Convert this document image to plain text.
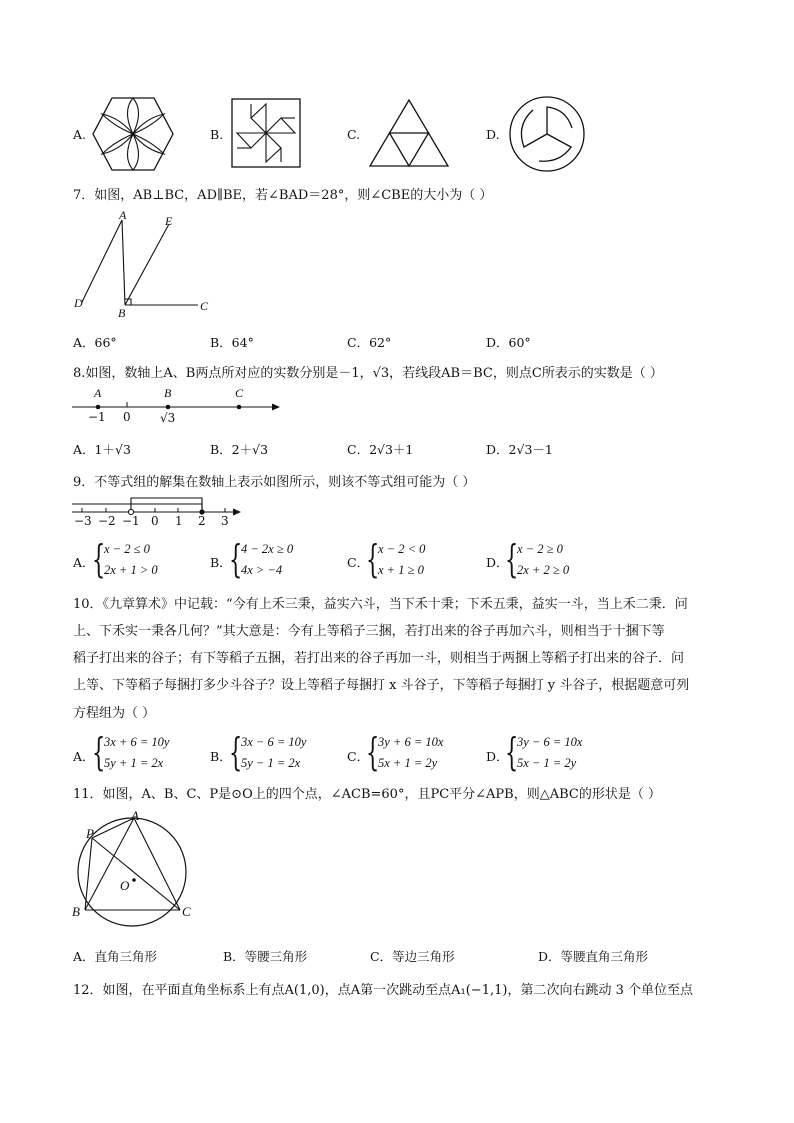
A.	B.	C.	D.
7．如图，AB⊥BC，AD∥BE，若∠BAD＝28°，则∠CBE的大小为（ ）
A	E
D
B	C
A．66°	B．64°	C．62°	D．60°
8.如图，数轴上A、B两点所对应的实数分别是－1，√3，若线段AB＝BC，则点C所表示的实数是（ ）
A	B	C
−1 0 √3
A．1＋√3	B．2＋√3	C．2√3＋1	D．2√3－1
9．不等式组的解集在数轴上表示如图所示，则该不等式组可能为（ ）
−3 −2 −1 0 1 2 3
A．
{
x − 2 ≤ 0
2x + 1 > 0	B．
{
4 − 2x ≥ 0
4x > −4	C．
{
x − 2 < 0
x + 1 ≥ 0	D．
{
x − 2 ≥ 0
2x + 2 ≥ 0
10．《九章算术》中记载：“今有上禾三秉，益实六斗，当下禾十秉；下禾五秉，益实一斗，当上禾二秉．问
上、下禾实一秉各几何？”其大意是：今有上等稻子三捆，若打出来的谷子再加六斗，则相当于十捆下等
稻子打出来的谷子；有下等稻子五捆，若打出来的谷子再加一斗，则相当于两捆上等稻子打出来的谷子．问
上等、下等稻子每捆打多少斗谷子？设上等稻子每捆打 x 斗谷子，下等稻子每捆打 y 斗谷子，根据题意可列
方程组为（ ）
A．
{
3x + 6 = 10y
5y + 1 = 2x	B．
{
3x − 6 = 10y
5y − 1 = 2x	C．
{
3y + 6 = 10x
5x + 1 = 2y	D．
{
3y − 6 = 10x
5x − 1 = 2y
11．如图，A、B、C、P是⊙O上的四个点，∠ACB=60°，且PC平分∠APB，则△ABC的形状是（ ）
P
A
O
B	C
A．直角三角形	B．等腰三角形	C．等边三角形	D．等腰直角三角形
12．如图，在平面直角坐标系上有点A(1,0)，点A第一次跳动至点A₁(−1,1)，第二次向右跳动 3 个单位至点
